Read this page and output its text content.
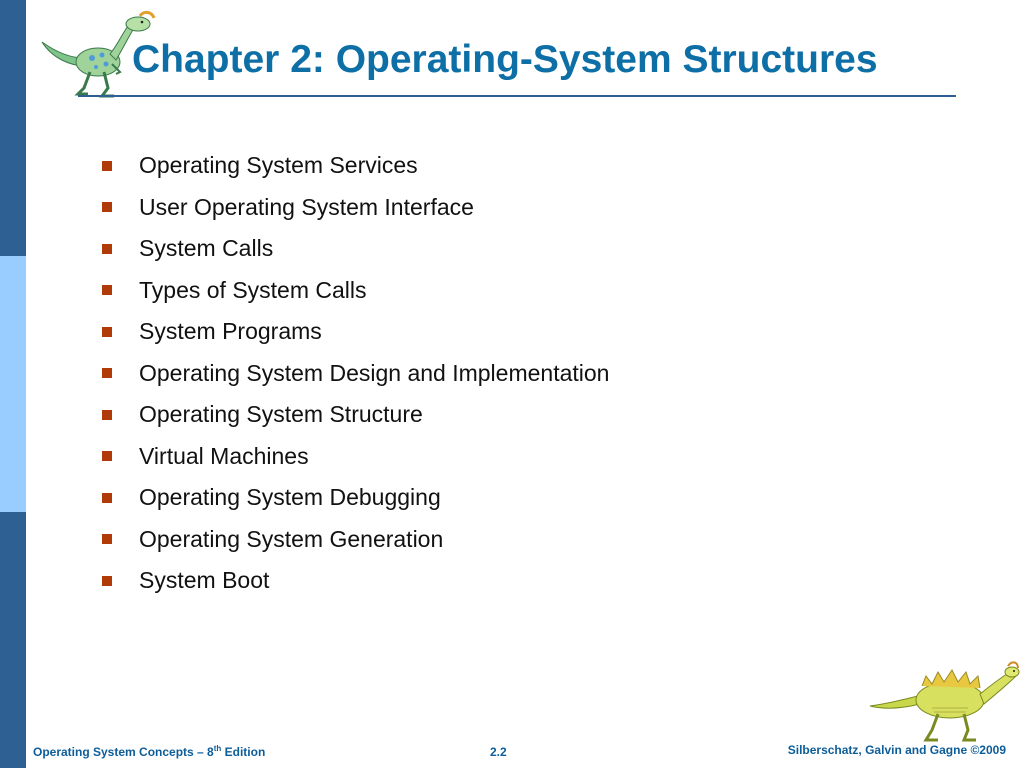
Chapter 2: Operating-System Structures
Operating System Services
User Operating System Interface
System Calls
Types of System Calls
System Programs
Operating System Design and Implementation
Operating System Structure
Virtual Machines
Operating System Debugging
Operating System Generation
System Boot
Operating System Concepts – 8th Edition	2.2	Silberschatz, Galvin and Gagne ©2009
